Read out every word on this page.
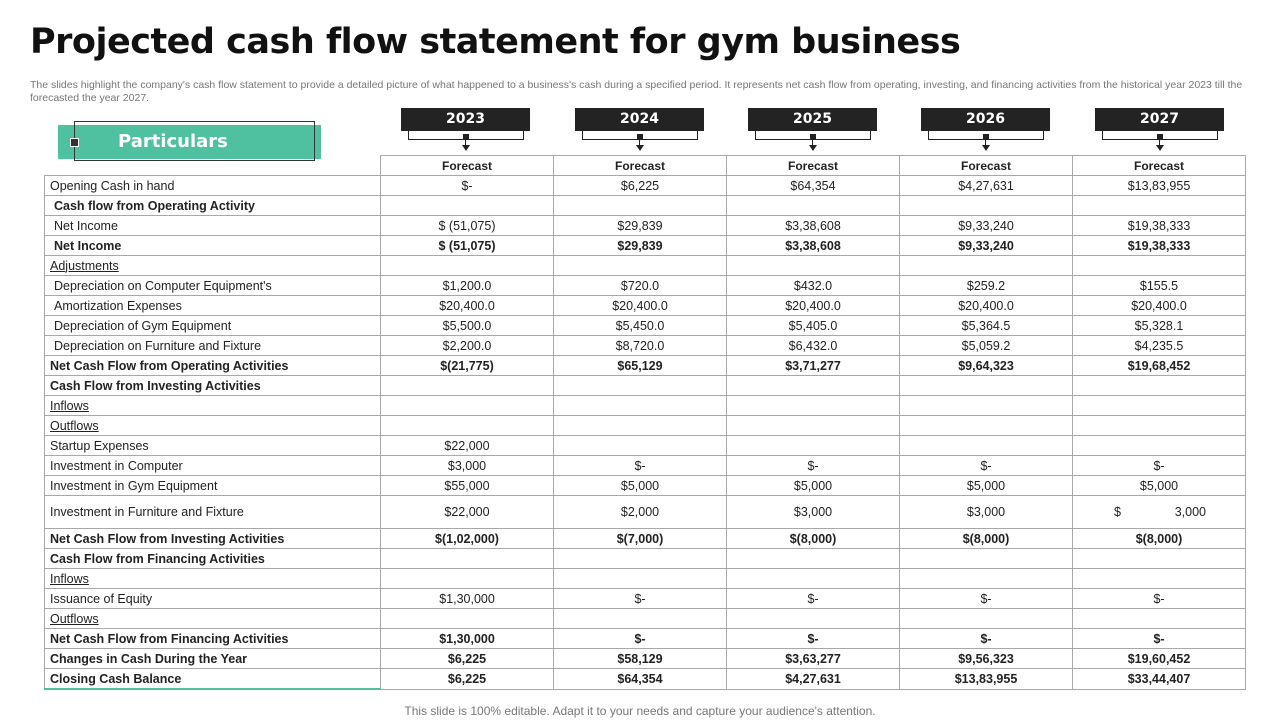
Projected cash flow statement for gym business
The slides highlight the company's cash flow statement to provide a detailed picture of what happened to a business's cash during a specified period. It represents net cash flow from operating, investing, and financing activities from the historical year 2023 till the forecasted the year 2027.
2023	2024	2025	2026	2027
Particulars
	Forecast	Forecast	Forecast	Forecast	Forecast
Opening Cash in hand	$-	$6,225	$64,354	$4,27,631	$13,83,955
Cash flow from Operating Activity					
Net Income	$ (51,075)	$29,839	$3,38,608	$9,33,240	$19,38,333
Net Income	$ (51,075)	$29,839	$3,38,608	$9,33,240	$19,38,333
Adjustments					
Depreciation on Computer Equipment's	$1,200.0	$720.0	$432.0	$259.2	$155.5
Amortization Expenses	$20,400.0	$20,400.0	$20,400.0	$20,400.0	$20,400.0
Depreciation of Gym Equipment	$5,500.0	$5,450.0	$5,405.0	$5,364.5	$5,328.1
Depreciation on Furniture and Fixture	$2,200.0	$8,720.0	$6,432.0	$5,059.2	$4,235.5
Net Cash Flow from Operating Activities	$(21,775)	$65,129	$3,71,277	$9,64,323	$19,68,452
Cash Flow from Investing Activities					
Inflows					
Outflows					
Startup Expenses	$22,000				
Investment in Computer	$3,000	$-	$-	$-	$-
Investment in Gym Equipment	$55,000	$5,000	$5,000	$5,000	$5,000
Investment in Furniture and Fixture	$22,000	$2,000	$3,000	$3,000	$ 3,000

Net Cash Flow from Investing Activities	$(1,02,000)	$(7,000)	$(8,000)	$(8,000)	$(8,000)
Cash Flow from Financing Activities					
Inflows					
Issuance of Equity	$1,30,000	$-	$-	$-	$-
Outflows					
Net Cash Flow from Financing Activities	$1,30,000	$-	$-	$-	$-
Changes in Cash During the Year	$6,225	$58,129	$3,63,277	$9,56,323	$19,60,452
Closing Cash Balance	$6,225	$64,354	$4,27,631	$13,83,955	$33,44,407
This slide is 100% editable. Adapt it to your needs and capture your audience's attention.
